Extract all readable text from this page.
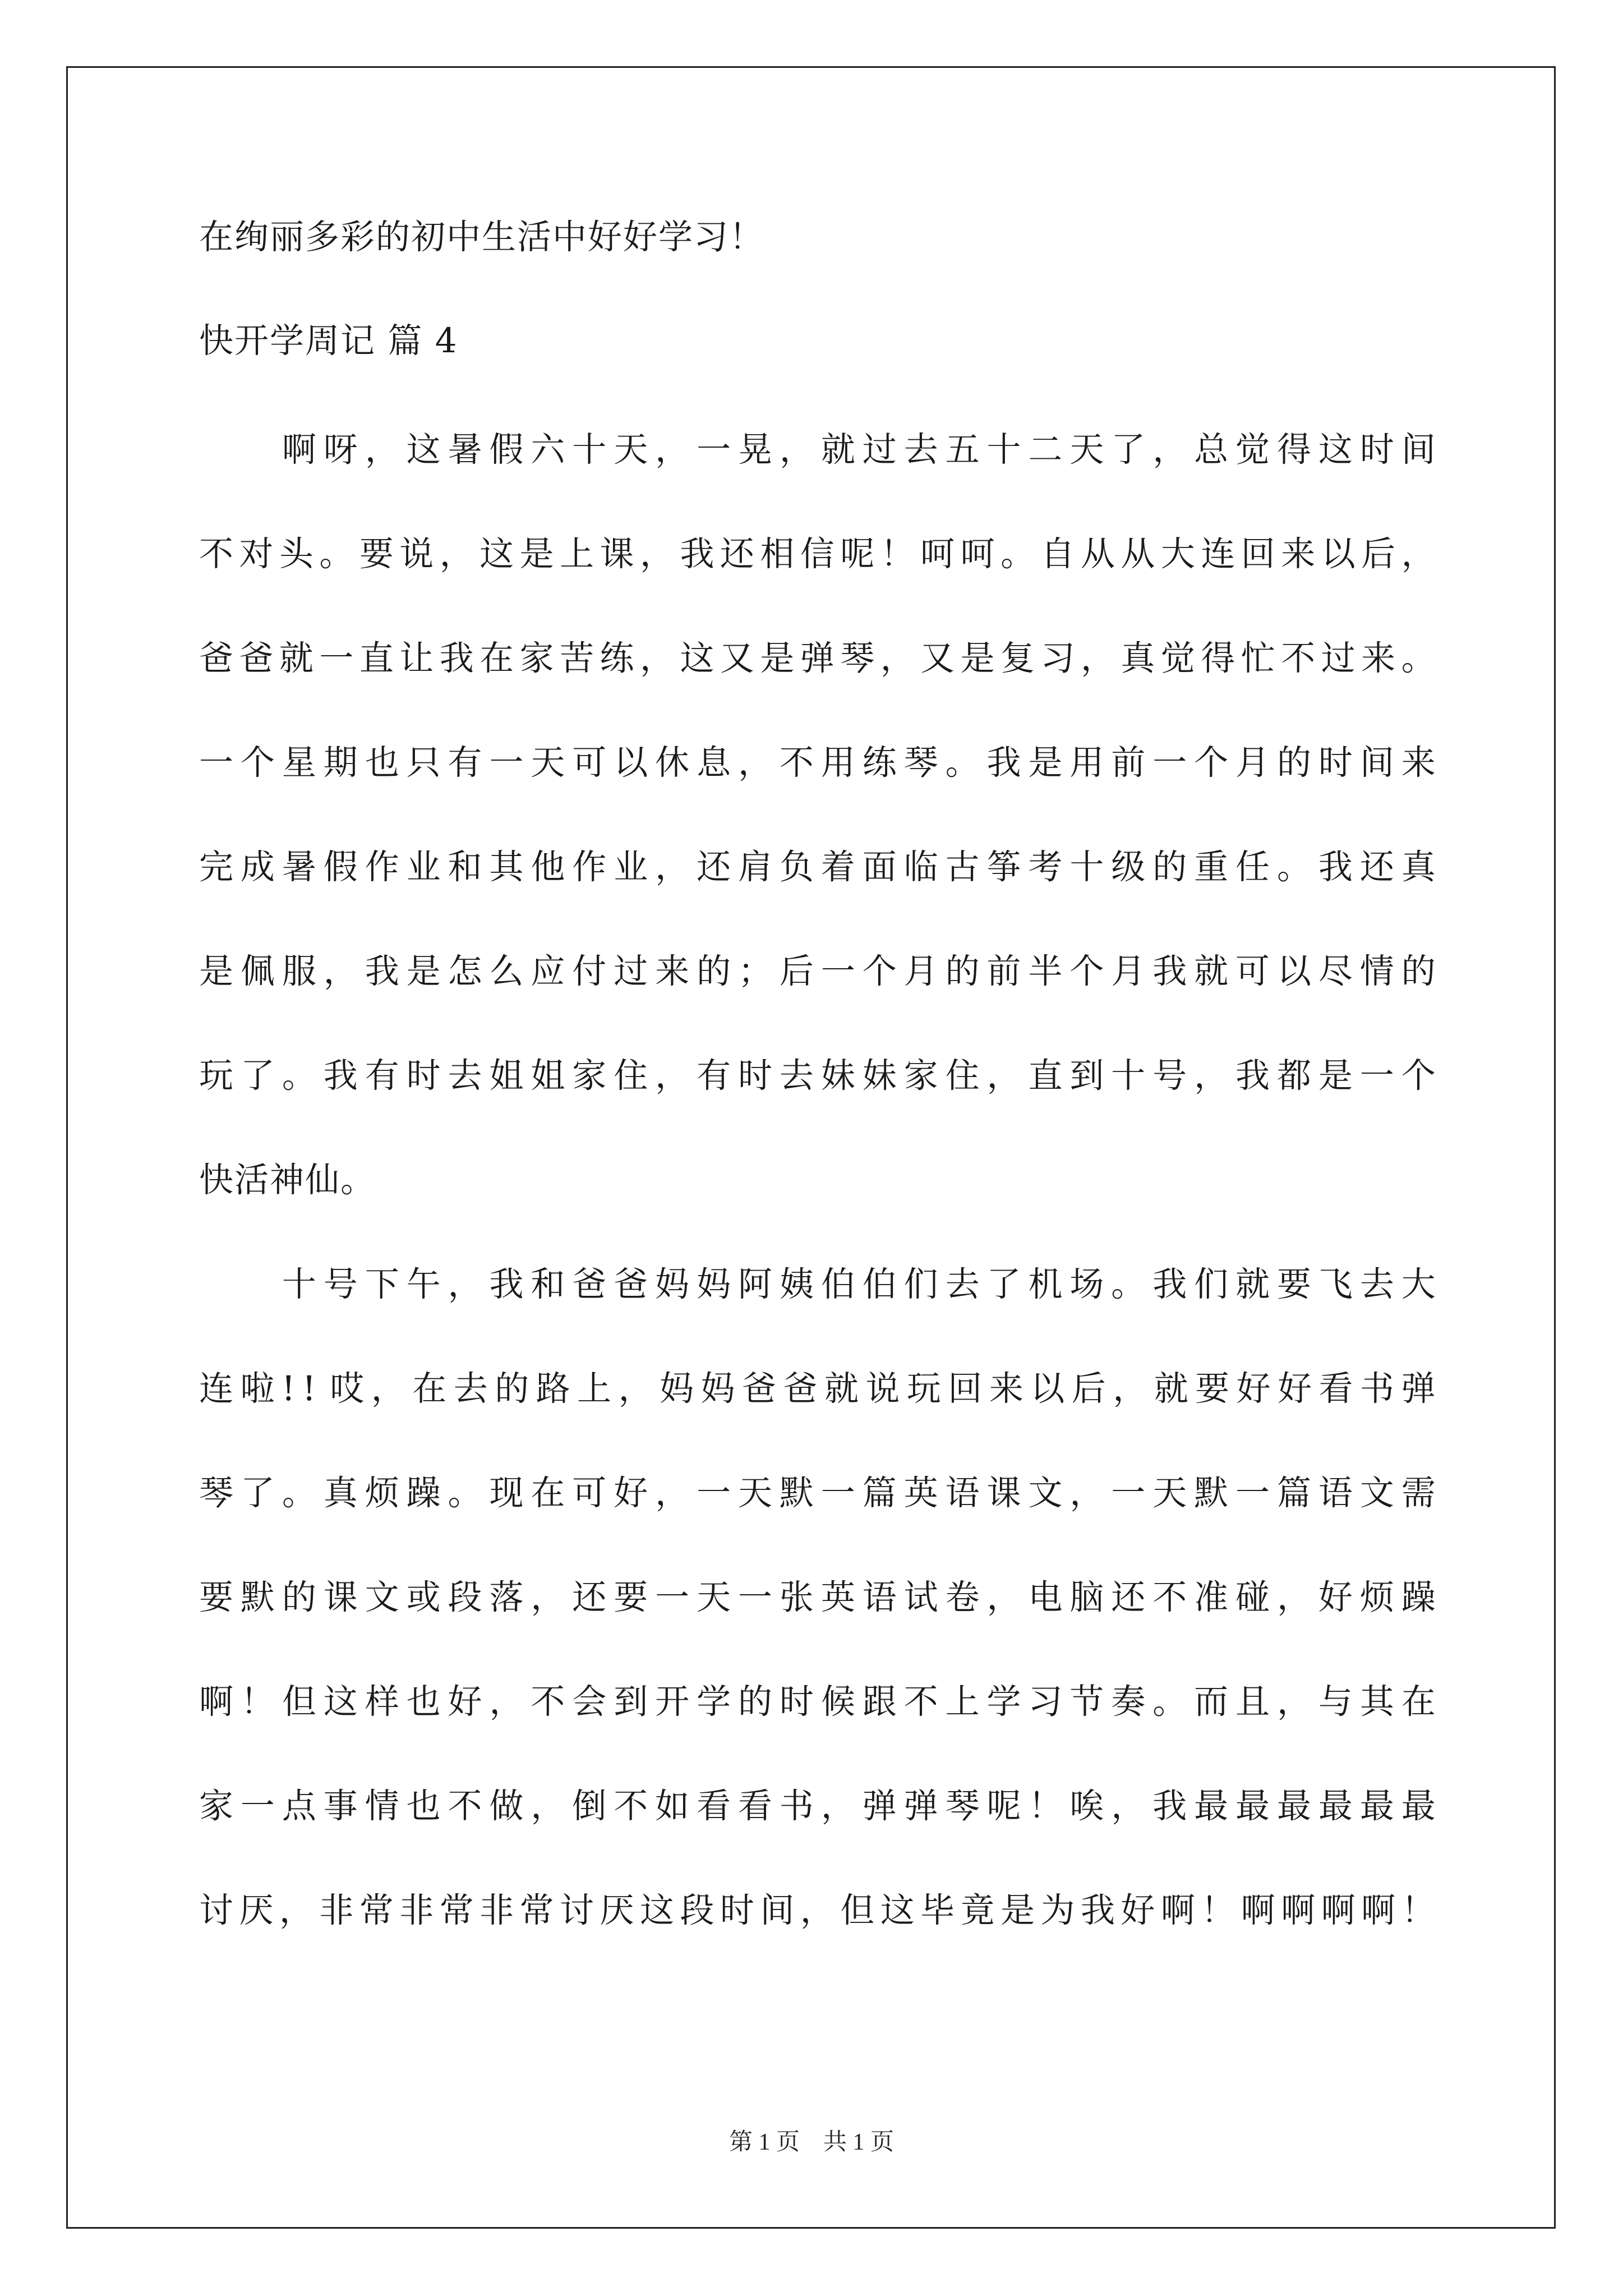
在绚丽多彩的初中生活中好好学习！
快开学周记 篇 4

啊 呀 ， 这 暑 假 六 十 天 ， 一 晃 ， 就 过 去 五 十 二 天 了 ， 总 觉 得 这 时 间
不 对 头 。 要 说 ， 这 是 上 课 ， 我 还 相 信 呢 ！ 呵 呵 。 自 从 从 大 连 回 来 以 后 ，
爸 爸 就 一 直 让 我 在 家 苦 练 ， 这 又 是 弹 琴 ， 又 是 复 习 ， 真 觉 得 忙 不 过 来 。
一 个 星 期 也 只 有 一 天 可 以 休 息 ， 不 用 练 琴 。 我 是 用 前 一 个 月 的 时 间 来
完 成 暑 假 作 业 和 其 他 作 业 ， 还 肩 负 着 面 临 古 筝 考 十 级 的 重 任 。 我 还 真
是 佩 服 ， 我 是 怎 么 应 付 过 来 的 ； 后 一 个 月 的 前 半 个 月 我 就 可 以 尽 情 的
玩 了 。 我 有 时 去 姐 姐 家 住 ， 有 时 去 妹 妹 家 住 ， 直 到 十 号 ， 我 都 是 一 个
快活神仙。

十 号 下 午 ， 我 和 爸 爸 妈 妈 阿 姨 伯 伯 们 去 了 机 场 。 我 们 就 要 飞 去 大
连 啦 ! ! 哎 ， 在 去 的 路 上 ， 妈 妈 爸 爸 就 说 玩 回 来 以 后 ， 就 要 好 好 看 书 弹
琴 了 。 真 烦 躁 。 现 在 可 好 ， 一 天 默 一 篇 英 语 课 文 ， 一 天 默 一 篇 语 文 需
要 默 的 课 文 或 段 落 ， 还 要 一 天 一 张 英 语 试 卷 ， 电 脑 还 不 准 碰 ， 好 烦 躁
啊 ！ 但 这 样 也 好 ， 不 会 到 开 学 的 时 候 跟 不 上 学 习 节 奏 。 而 且 ， 与 其 在
家 一 点 事 情 也 不 做 ， 倒 不 如 看 看 书 ， 弹 弹 琴 呢 ！ 唉 ， 我 最 最 最 最 最 最
讨 厌 ， 非 常 非 常 非 常 讨 厌 这 段 时 间 ， 但 这 毕 竟 是 为 我 好 啊 ！ 啊 啊 啊 啊 ！
第 1 页　共 1 页
